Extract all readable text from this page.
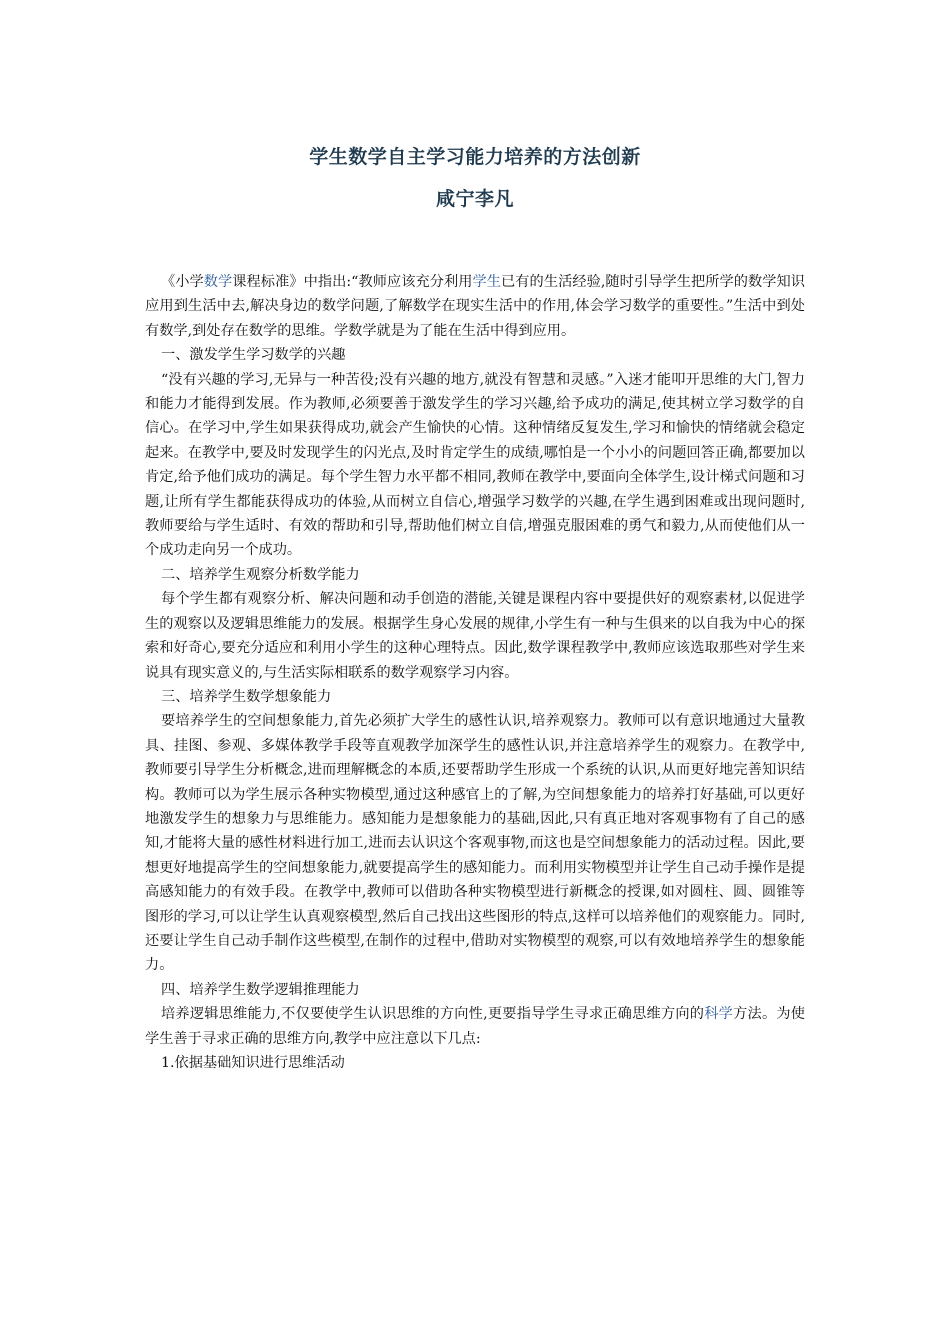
学生数学自主学习能力培养的方法创新
咸宁李凡

《小学数学课程标准》中指出:“教师应该充分利用学生已有的生活经验,随时引导学生把所学的数学知识应用到生活中去,解决身边的数学问题,了解数学在现实生活中的作用,体会学习数学的重要性。”生活中到处有数学,到处存在数学的思维。学数学就是为了能在生活中得到应用。

一、激发学生学习数学的兴趣

“没有兴趣的学习,无异与一种苦役;没有兴趣的地方,就没有智慧和灵感。”入迷才能叩开思维的大门,智力和能力才能得到发展。作为教师,必须要善于激发学生的学习兴趣,给予成功的满足,使其树立学习数学的自信心。在学习中,学生如果获得成功,就会产生愉快的心情。这种情绪反复发生,学习和愉快的情绪就会稳定起来。在教学中,要及时发现学生的闪光点,及时肯定学生的成绩,哪怕是一个小小的问题回答正确,都要加以肯定,给予他们成功的满足。每个学生智力水平都不相同,教师在教学中,要面向全体学生,设计梯式问题和习题,让所有学生都能获得成功的体验,从而树立自信心,增强学习数学的兴趣,在学生遇到困难或出现问题时,教师要给与学生适时、有效的帮助和引导,帮助他们树立自信,增强克服困难的勇气和毅力,从而使他们从一个成功走向另一个成功。

二、培养学生观察分析数学能力

每个学生都有观察分析、解决问题和动手创造的潜能,关键是课程内容中要提供好的观察素材,以促进学生的观察以及逻辑思维能力的发展。根据学生身心发展的规律,小学生有一种与生俱来的以自我为中心的探索和好奇心,要充分适应和利用小学生的这种心理特点。因此,数学课程教学中,教师应该选取那些对学生来说具有现实意义的,与生活实际相联系的数学观察学习内容。

三、培养学生数学想象能力

要培养学生的空间想象能力,首先必须扩大学生的感性认识,培养观察力。教师可以有意识地通过大量教具、挂图、参观、多媒体教学手段等直观教学加深学生的感性认识,并注意培养学生的观察力。在教学中,教师要引导学生分析概念,进而理解概念的本质,还要帮助学生形成一个系统的认识,从而更好地完善知识结构。教师可以为学生展示各种实物模型,通过这种感官上的了解,为空间想象能力的培养打好基础,可以更好地激发学生的想象力与思维能力。感知能力是想象能力的基础,因此,只有真正地对客观事物有了自己的感知,才能将大量的感性材料进行加工,进而去认识这个客观事物,而这也是空间想象能力的活动过程。因此,要想更好地提高学生的空间想象能力,就要提高学生的感知能力。而利用实物模型并让学生自己动手操作是提高感知能力的有效手段。在教学中,教师可以借助各种实物模型进行新概念的授课,如对圆柱、圆、圆锥等图形的学习,可以让学生认真观察模型,然后自己找出这些图形的特点,这样可以培养他们的观察能力。同时,还要让学生自己动手制作这些模型,在制作的过程中,借助对实物模型的观察,可以有效地培养学生的想象能力。

四、培养学生数学逻辑推理能力

培养逻辑思维能力,不仅要使学生认识思维的方向性,更要指导学生寻求正确思维方向的科学方法。为使学生善于寻求正确的思维方向,教学中应注意以下几点:

1.依据基础知识进行思维活动
